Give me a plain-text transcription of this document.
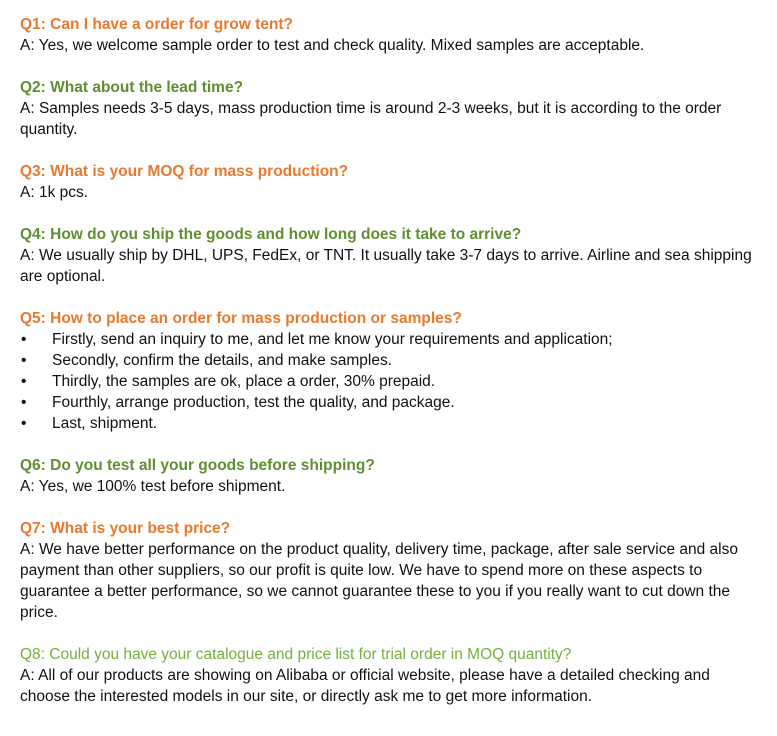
Q1: Can I have a order for grow tent?

A: Yes, we welcome sample order to test and check quality. Mixed samples are acceptable.

Q2: What about the lead time?

A: Samples needs 3-5 days, mass production time is around 2-3 weeks, but it is according to the order quantity.

Q3: What is your MOQ for mass production?

A: 1k pcs.

Q4: How do you ship the goods and how long does it take to arrive?

A: We usually ship by DHL, UPS, FedEx, or TNT. It usually take 3-7 days to arrive. Airline and sea shipping are optional.

Q5: How to place an order for mass production or samples?

• Firstly, send an inquiry to me, and let me know your requirements and application;
• Secondly, confirm the details, and make samples.
• Thirdly, the samples are ok, place a order, 30% prepaid.
• Fourthly, arrange production, test the quality, and package.
• Last, shipment.

Q6: Do you test all your goods before shipping?

A: Yes, we 100% test before shipment.

Q7: What is your best price?

A: We have better performance on the product quality, delivery time, package, after sale service and also payment than other suppliers, so our profit is quite low. We have to spend more on these aspects to guarantee a better performance, so we cannot guarantee these to you if you really want to cut down the price.

Q8: Could you have your catalogue and price list for trial order in MOQ quantity?

A: All of our products are showing on Alibaba or official website, please have a detailed checking and choose the interested models in our site, or directly ask me to get more information.
